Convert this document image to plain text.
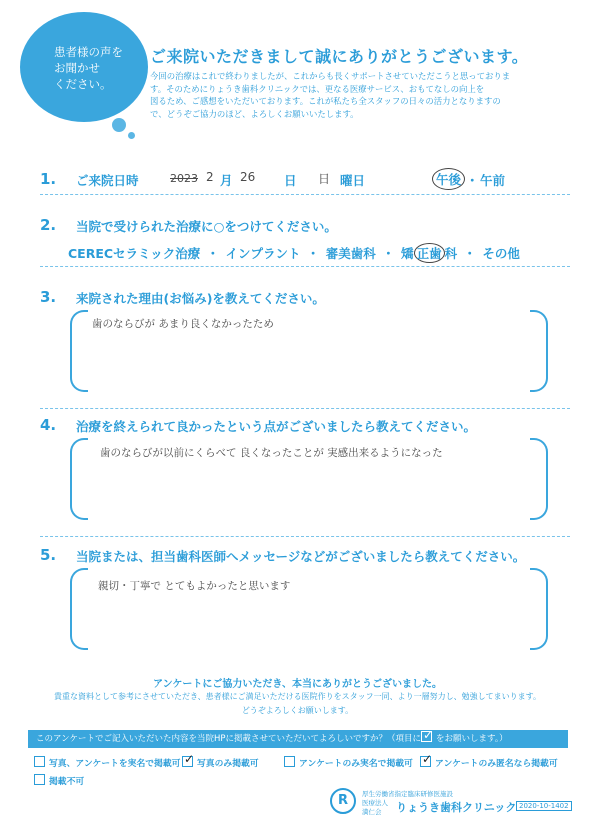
患者様の声を
お聞かせ
ください。
ご来院いただきまして誠にありがとうございます。
今回の治療はこれで終わりましたが、これからも長くサポートさせていただこうと思っておりま
す。そのためにりょうき歯科クリニックでは、更なる医療サービス、おもてなしの向上を
図るため、ご感想をいただいております。これが私たち全スタッフの日々の活力となりますの
で、どうぞご協力のほど、よろしくお願いいたします。
1. ご来院日時	2023 2 月 26 日 日 曜日	午後 ・ 午前
2. 当院で受けられた治療に○をつけてください。
CERECセラミック治療 ・ インプラント ・ 審美歯科 ・ 矯 正歯 科 ・ その他
3. 来院された理由(お悩み)を教えてください。
歯のならびが あまり良くなかったため
4. 治療を終えられて良かったという点がございましたら教えてください。
歯のならびが以前にくらべて 良くなったことが 実感出来るようになった
5. 当院または、担当歯科医師へメッセージなどがございましたら教えてください。
親切・丁寧で とてもよかったと思います
アンケートにご協力いただき、本当にありがとうございました。
貴重な資料として参考にさせていただき、患者様にご満足いただける医院作りをスタッフ一同、より一層努力し、勉強してまいります。
どうぞよろしくお願いします。
このアンケートでご記入いただいた内容を当院HPに掲載させていただいてよろしいですか？（項目に ✓ をお願いします。）
写真、アンケートを実名で掲載可 ✓ 写真のみ掲載可	アンケートのみ実名で掲載可 ✓ アンケートのみ匿名なら掲載可
掲載不可
R	厚生労働省指定臨床研修医施設
医療法人
満仁会	りょうき歯科クリニック 2020-10-1402
